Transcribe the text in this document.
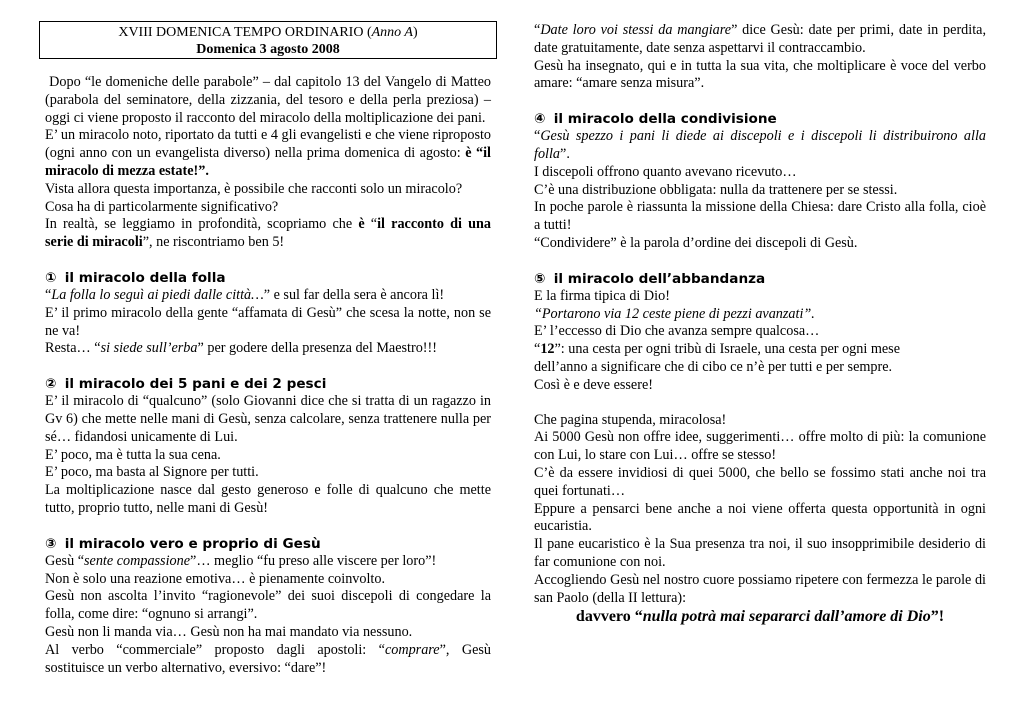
XVIII DOMENICA TEMPO ORDINARIO (Anno A)
Domenica 3 agosto 2008

Dopo “le domeniche delle parabole” – dal capitolo 13 del Vangelo di Matteo (parabola del seminatore, della zizzania, del tesoro e della perla preziosa) – oggi ci viene proposto il racconto del miracolo della moltiplicazione dei pani.

E’ un miracolo noto, riportato da tutti e 4 gli evangelisti e che viene riproposto (ogni anno con un evangelista diverso) nella prima domenica di agosto: è “il miracolo di mezza estate!”.

Vista allora questa importanza, è possibile che racconti solo un miracolo?

Cosa ha di particolarmente significativo?

In realtà, se leggiamo in profondità, scopriamo che è “il racconto di una serie di miracoli”, ne riscontriamo ben 5!

① il miracolo della folla

“La folla lo seguì ai piedi dalle città…” e sul far della sera è ancora lì!

E’ il primo miracolo della gente “affamata di Gesù” che scesa la notte, non se ne va!

Resta… “si siede sull’erba” per godere della presenza del Maestro!!!

② il miracolo dei 5 pani e dei 2 pesci

E’ il miracolo di “qualcuno” (solo Giovanni dice che si tratta di un ragazzo in Gv 6) che mette nelle mani di Gesù, senza calcolare, senza trattenere nulla per sé… fidandosi unicamente di Lui.

E’ poco, ma è tutta la sua cena.

E’ poco, ma basta al Signore per tutti.

La moltiplicazione nasce dal gesto generoso e folle di qualcuno che mette tutto, proprio tutto, nelle mani di Gesù!

③ il miracolo vero e proprio di Gesù

Gesù “sente compassione”… meglio “fu preso alle viscere per loro”!

Non è solo una reazione emotiva… è pienamente coinvolto.

Gesù non ascolta l’invito “ragionevole” dei suoi discepoli di congedare la folla, come dire: “ognuno si arrangi”.

Gesù non li manda via… Gesù non ha mai mandato via nessuno.

Al verbo “commerciale” proposto dagli apostoli: “comprare”, Gesù sostituisce un verbo alternativo, eversivo: “dare”!

“Date loro voi stessi da mangiare” dice Gesù: date per primi, date in perdita, date gratuitamente, date senza aspettarvi il contraccambio.

Gesù ha insegnato, qui e in tutta la sua vita, che moltiplicare è voce del verbo amare: “amare senza misura”.

④ il miracolo della condivisione

“Gesù spezzo i pani li diede ai discepoli e i discepoli li distribuirono alla folla”.

I discepoli offrono quanto avevano ricevuto…

C’è una distribuzione obbligata: nulla da trattenere per se stessi.

In poche parole è riassunta la missione della Chiesa: dare Cristo alla folla, cioè a tutti!

“Condividere” è la parola d’ordine dei discepoli di Gesù.

⑤ il miracolo dell’abbandanza

E la firma tipica di Dio!

“Portarono via 12 ceste piene di pezzi avanzati”.

E’ l’eccesso di Dio che avanza sempre qualcosa…

“12”: una cesta per ogni tribù di Israele, una cesta per ogni mese

dell’anno a significare che di cibo ce n’è per tutti e per sempre.

Così è e deve essere!

Che pagina stupenda, miracolosa!

Ai 5000 Gesù non offre idee, suggerimenti… offre molto di più: la comunione con Lui, lo stare con Lui… offre se stesso!

C’è da essere invidiosi di quei 5000, che bello se fossimo stati anche noi tra quei fortunati…

Eppure a pensarci bene anche a noi viene offerta questa opportunità in ogni eucaristia.

Il pane eucaristico è la Sua presenza tra noi, il suo insopprimibile desiderio di far comunione con noi.

Accogliendo Gesù nel nostro cuore possiamo ripetere con fermezza le parole di san Paolo (della II lettura):

davvero “nulla potrà mai separarci dall’amore di Dio”!
